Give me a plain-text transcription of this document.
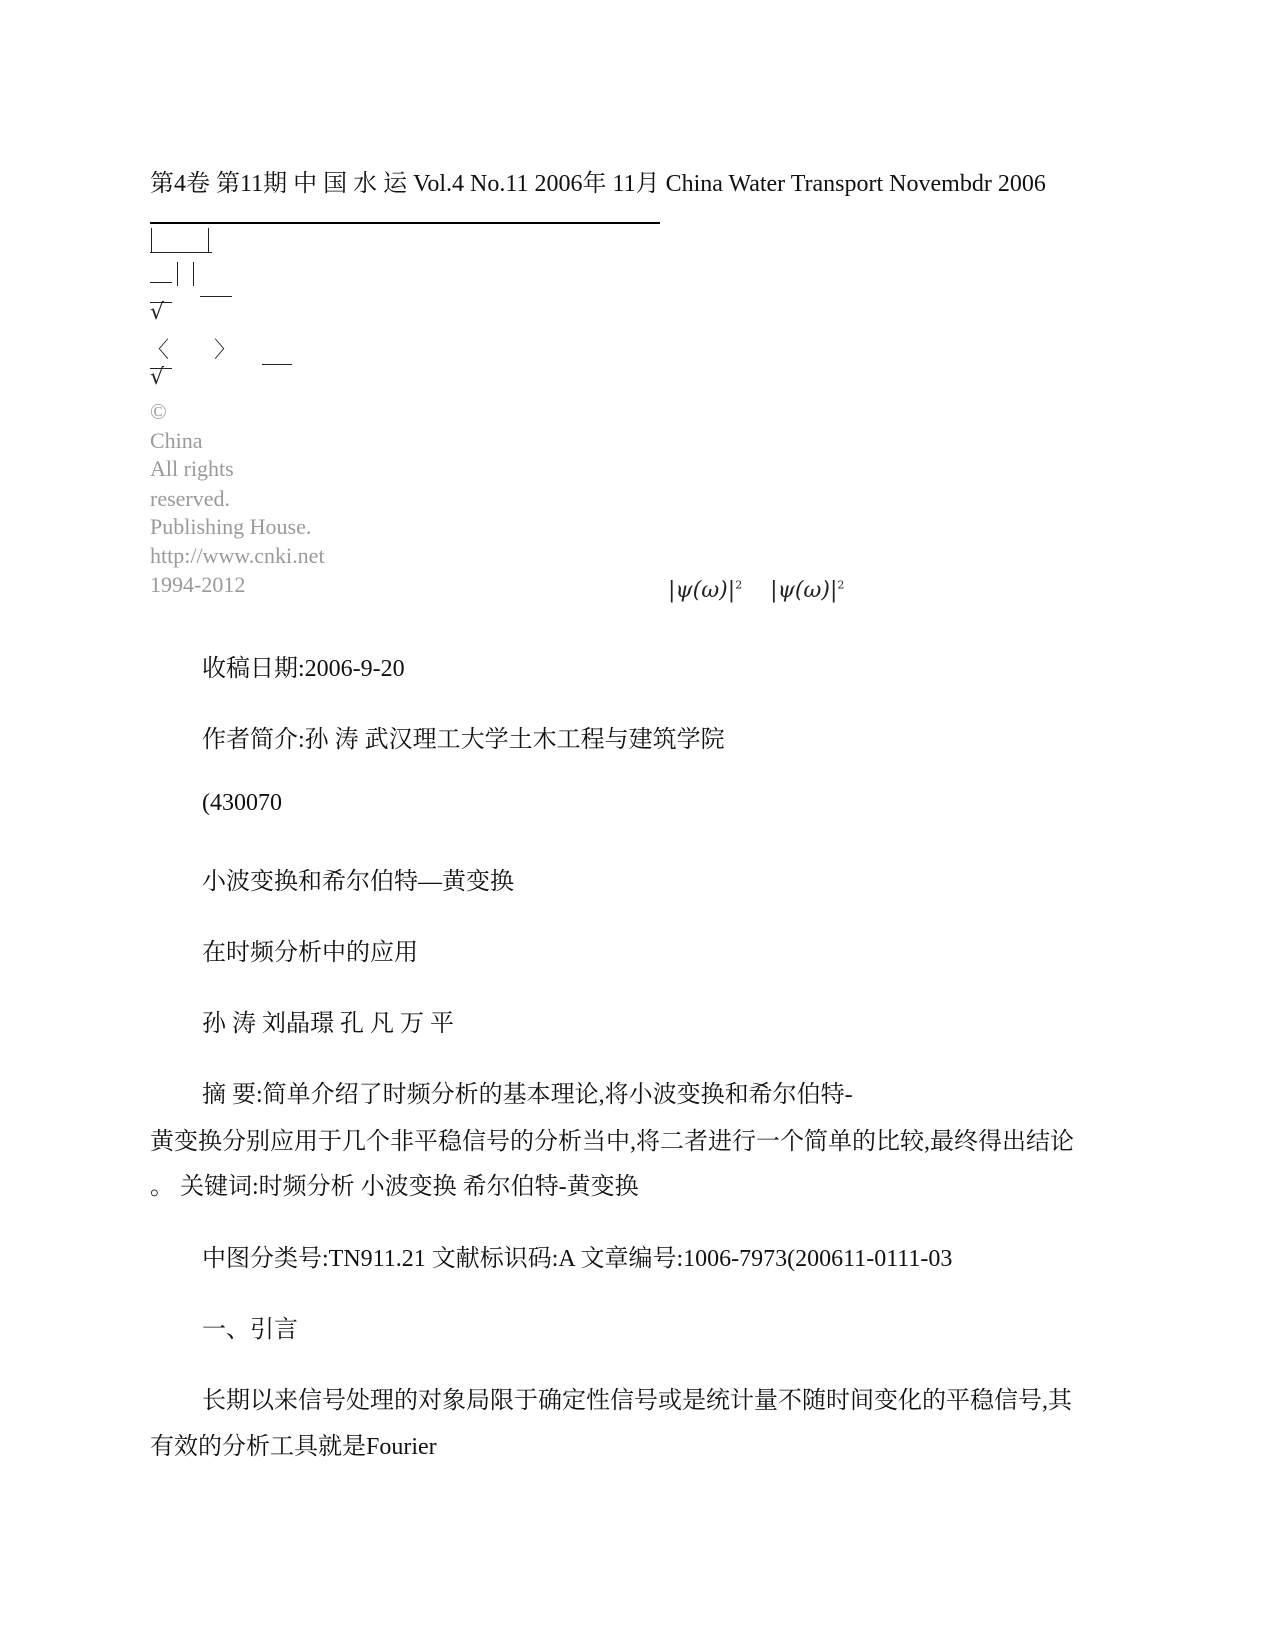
第4卷 第11期 中 国 水 运 Vol.4 No.11 2006年 11月 China Water Transport Novembdr 2006
√
〈 〉
√
©
China
All rights
reserved.
Publishing House.
http://www.cnki.net
1994-2012	$|\psi(\omega)|^2$ $|\psi(\omega)|^2$
收稿日期:2006-9-20
作者简介:孙 涛 武汉理工大学土木工程与建筑学院
(430070
小波变换和希尔伯特—黄变换
在时频分析中的应用
孙 涛 刘晶璟 孔 凡 万 平
摘 要:简单介绍了时频分析的基本理论,将小波变换和希尔伯特-
黄变换分别应用于几个非平稳信号的分析当中,将二者进行一个简单的比较,最终得出结论
。 关键词:时频分析 小波变换 希尔伯特-黄变换
中图分类号:TN911.21 文献标识码:A 文章编号:1006-7973(200611-0111-03
一、引言
长期以来信号处理的对象局限于确定性信号或是统计量不随时间变化的平稳信号,其
有效的分析工具就是Fourier
